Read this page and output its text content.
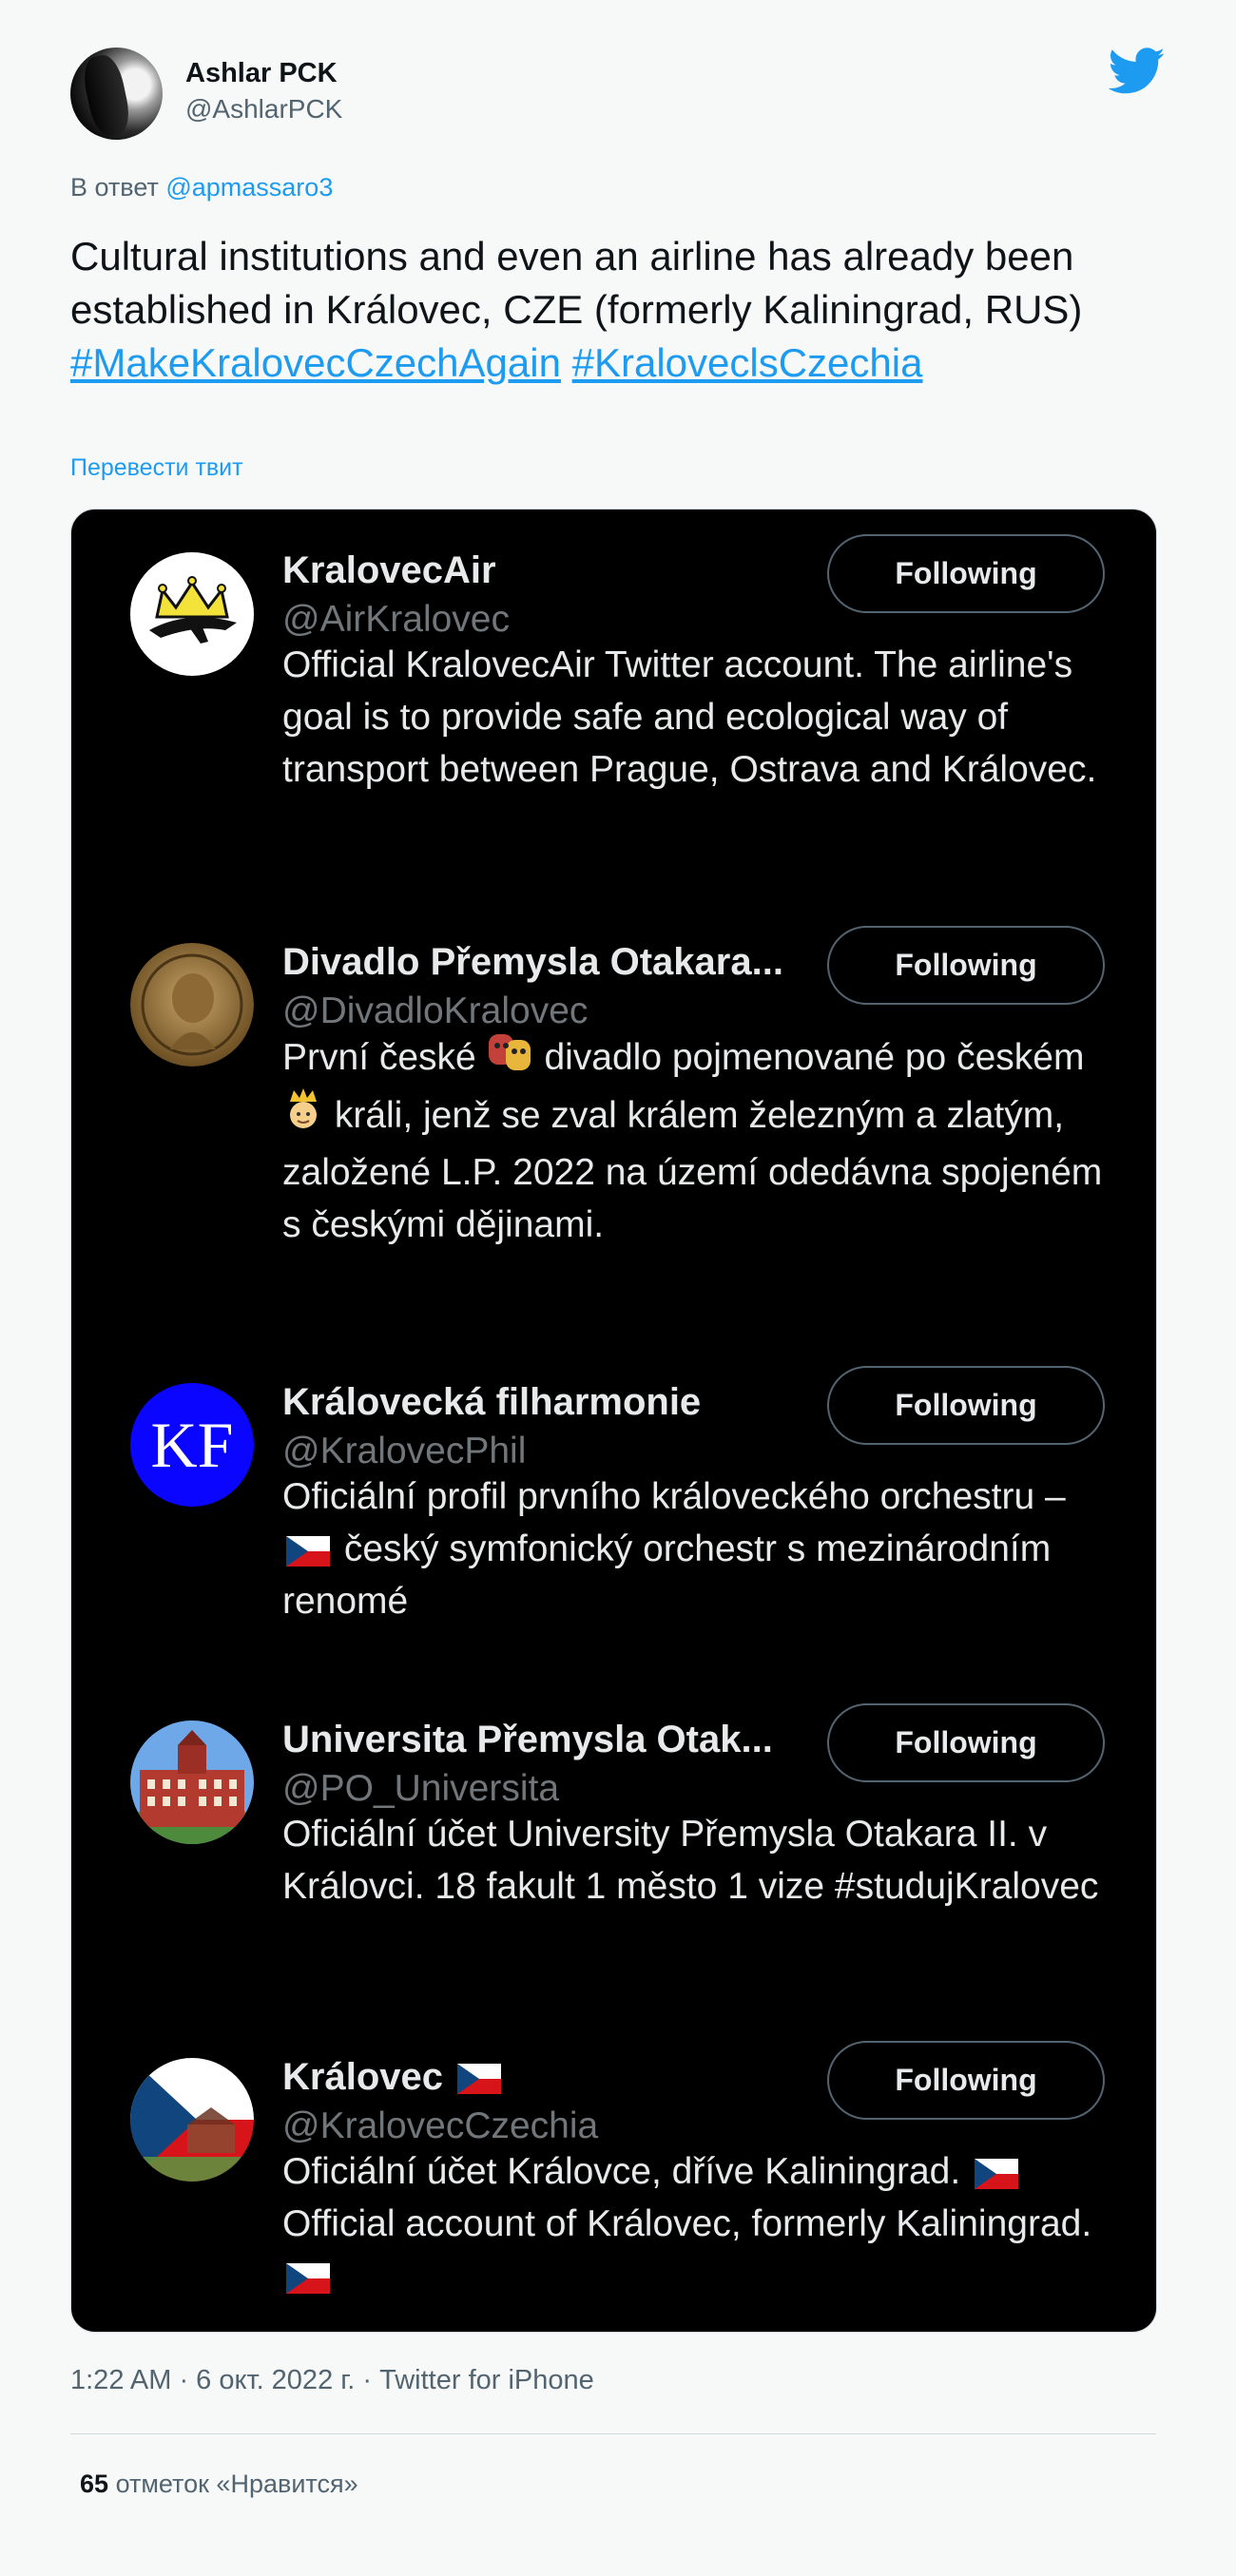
Ashlar PCK
@AshlarPCK
В ответ @apmassaro3
Cultural institutions and even an airline has already been established in Královec, CZE (formerly Kaliningrad, RUS) #MakeKralovecCzechAgain #KraloveclsCzechia
Перевести твит
KralovecAir
@AirKralovec
Following
Official KralovecAir Twitter account. The airline's goal is to provide safe and ecological way of transport between Prague, Ostrava and Královec.
Divadlo Přemysla Otakara...
@DivadloKralovec
Following
První české divadlo pojmenované po českém  králi, jenž se zval králem železným a zlatým, založené L.P. 2022 na území odedávna spojeném s českými dějinami.
KF
Královecká filharmonie
@KralovecPhil
Following
Oficiální profil prvního královeckého orchestru –  český symfonický orchestr s mezinárodním renomé
Universita Přemysla Otak...
@PO_Universita
Following
Oficiální účet University Přemysla Otakara II. v Královci. 18 fakult 1 město 1 vize #studujKralovec
Královec
@KralovecCzechia
Following
Oficiální účet Královce, dříve Kaliningrad.  Official account of Královec, formerly Kaliningrad.
1:22 AM · 6 окт. 2022 г. · Twitter for iPhone
65 отметок «Нравится»
